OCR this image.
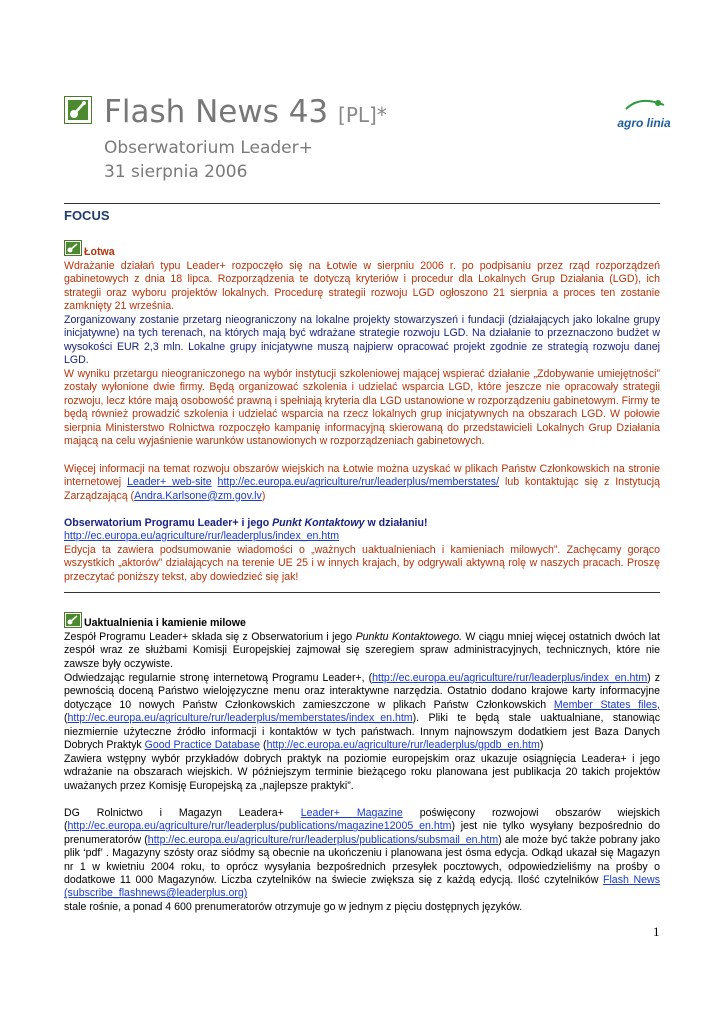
Flash News 43 [PL]*
Obserwatorium Leader+
31 sierpnia 2006
agro linia
FOCUS
Łotwa
Wdrażanie działań typu Leader+ rozpoczęło się na Łotwie w sierpniu 2006 r. po podpisaniu przez rząd rozporządzeń gabinetowych z dnia 18 lipca. Rozporządzenia te dotyczą kryteriów i procedur dla Lokalnych Grup Działania (LGD), ich strategii oraz wyboru projektów lokalnych. Procedurę strategii rozwoju LGD ogłoszono 21 sierpnia a proces ten zostanie zamknięty 21 września.
Zorganizowany zostanie przetarg nieograniczony na lokalne projekty stowarzyszeń i fundacji (działających jako lokalne grupy inicjatywne) na tych terenach, na których mają być wdrażane strategie rozwoju LGD. Na działanie to przeznaczono budżet w wysokości EUR 2,3 mln. Lokalne grupy inicjatywne muszą najpierw opracować projekt zgodnie ze strategią rozwoju danej LGD.
W wyniku przetargu nieograniczonego na wybór instytucji szkoleniowej mającej wspierać działanie „Zdobywanie umiejętności” zostały wyłonione dwie firmy. Będą organizować szkolenia i udzielać wsparcia LGD, które jeszcze nie opracowały strategii rozwoju, lecz które mają osobowość prawną i spełniają kryteria dla LGD ustanowione w rozporządzeniu gabinetowym. Firmy te będą również prowadzić szkolenia i udzielać wsparcia na rzecz lokalnych grup inicjatywnych na obszarach LGD. W połowie sierpnia Ministerstwo Rolnictwa rozpoczęło kampanię informacyjną skierowaną do przedstawicieli Lokalnych Grup Działania mającą na celu wyjaśnienie warunków ustanowionych w rozporządzeniach gabinetowych.
Więcej informacji na temat rozwoju obszarów wiejskich na Łotwie można uzyskać w plikach Państw Członkowskich na stronie internetowej Leader+ web-site http://ec.europa.eu/agriculture/rur/leaderplus/memberstates/ lub kontaktując się z Instytucją Zarządzającą (Andra.Karlsone@zm.gov.lv)
Obserwatorium Programu Leader+ i jego Punkt Kontaktowy w działaniu!
http://ec.europa.eu/agriculture/rur/leaderplus/index_en.htm
Edycja ta zawiera podsumowanie wiadomości o „ważnych uaktualnieniach i kamieniach milowych”. Zachęcamy gorąco wszystkich „aktorów” działających na terenie UE 25 i w innych krajach, by odgrywali aktywną rolę w naszych pracach. Proszę przeczytać poniższy tekst, aby dowiedzieć się jak!
Uaktualnienia i kamienie milowe
Zespół Programu Leader+ składa się z Obserwatorium i jego Punktu Kontaktowego. W ciągu mniej więcej ostatnich dwóch lat zespół wraz ze służbami Komisji Europejskiej zajmował się szeregiem spraw administracyjnych, technicznych, które nie zawsze były oczywiste.
Odwiedzając regularnie stronę internetową Programu Leader+, (http://ec.europa.eu/agriculture/rur/leaderplus/index_en.htm) z pewnością doceną Państwo wielojęzyczne menu oraz interaktywne narzędzia. Ostatnio dodano krajowe karty informacyjne dotyczące 10 nowych Państw Członkowskich zamieszczone w plikach Państw Członkowskich Member States files, (http://ec.europa.eu/agriculture/rur/leaderplus/memberstates/index_en.htm). Pliki te będą stale uaktualniane, stanowiąc niezmiernie użyteczne źródło informacji i kontaktów w tych państwach. Innym najnowszym dodatkiem jest Baza Danych Dobrych Praktyk Good Practice Database (http://ec.europa.eu/agriculture/rur/leaderplus/gpdb_en.htm)
Zawiera wstępny wybór przykładów dobrych praktyk na poziomie europejskim oraz ukazuje osiągnięcia Leadera+ i jego wdrażanie na obszarach wiejskich. W późniejszym terminie bieżącego roku planowana jest publikacja 20 takich projektów uważanych przez Komisję Europejską za „najlepsze praktyki”.
DG Rolnictwo i Magazyn Leadera+ Leader+ Magazine poświęcony rozwojowi obszarów wiejskich (http://ec.europa.eu/agriculture/rur/leaderplus/publications/magazine12005_en.htm) jest nie tylko wysyłany bezpośrednio do prenumeratorów (http://ec.europa.eu/agriculture/rur/leaderplus/publications/subsmail_en.htm) ale może być także pobrany jako plik ‘pdf’ . Magazyny szósty oraz siódmy są obecnie na ukończeniu i planowana jest ósma edycja. Odkąd ukazał się Magazyn nr 1 w kwietniu 2004 roku, to oprócz wysyłania bezpośrednich przesyłek pocztowych, odpowiedzieliśmy na prośby o dodatkowe 11 000 Magazynów. Liczba czytelników na świecie zwiększa się z każdą edycją. Ilość czytelników Flash News (subscribe_flashnews@leaderplus.org)
stale rośnie, a ponad 4 600 prenumeratorów otrzymuje go w jednym z pięciu dostępnych języków.
1
